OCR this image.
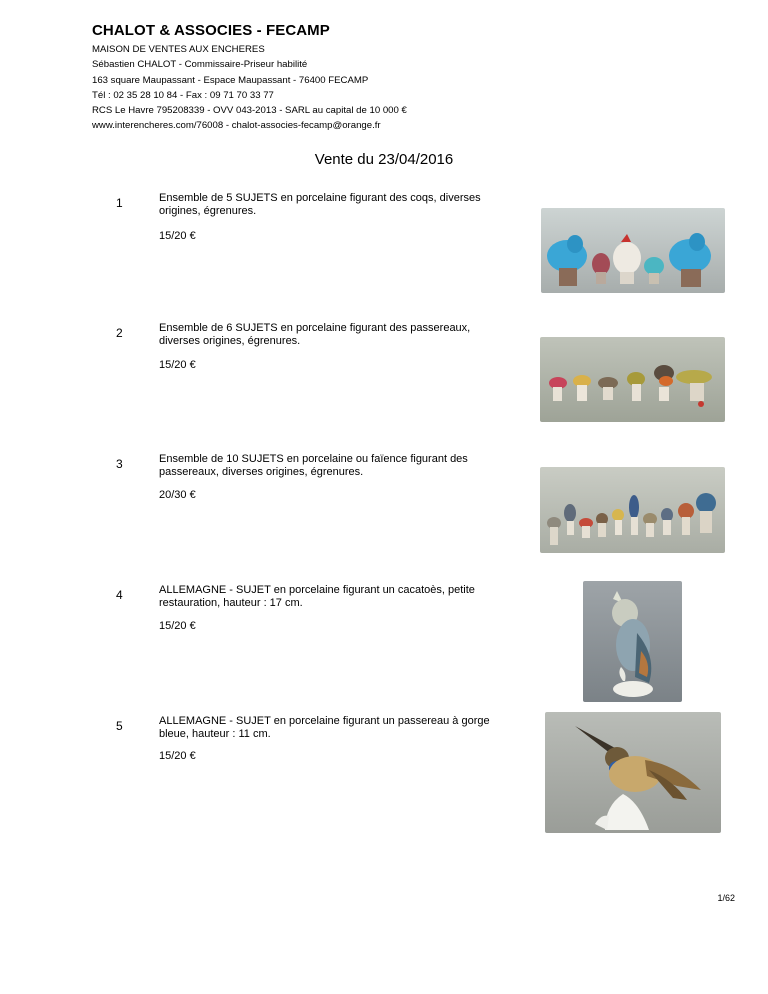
CHALOT & ASSOCIES - FECAMP
MAISON DE VENTES AUX ENCHERES
Sébastien CHALOT - Commissaire-Priseur habilité
163 square Maupassant - Espace Maupassant - 76400 FECAMP
Tél : 02 35 28 10 84 - Fax : 09 71 70 33 77
RCS Le Havre 795208339 - OVV 043-2013 - SARL au capital de 10 000 €
www.interencheres.com/76008 - chalot-associes-fecamp@orange.fr
Vente du 23/04/2016
1	Ensemble de 5 SUJETS en porcelaine figurant des coqs, diverses origines, égrenures.
15/20 €
2	Ensemble de 6 SUJETS en porcelaine figurant des passereaux, diverses origines, égrenures.
15/20 €
3	Ensemble de 10 SUJETS en porcelaine ou faïence figurant des passereaux, diverses origines, égrenures.
20/30 €
4	ALLEMAGNE - SUJET en porcelaine figurant un cacatoès, petite restauration, hauteur : 17 cm.
15/20 €
5	ALLEMAGNE - SUJET en porcelaine figurant un passereau à gorge bleue, hauteur : 11 cm.
15/20 €
1/62
